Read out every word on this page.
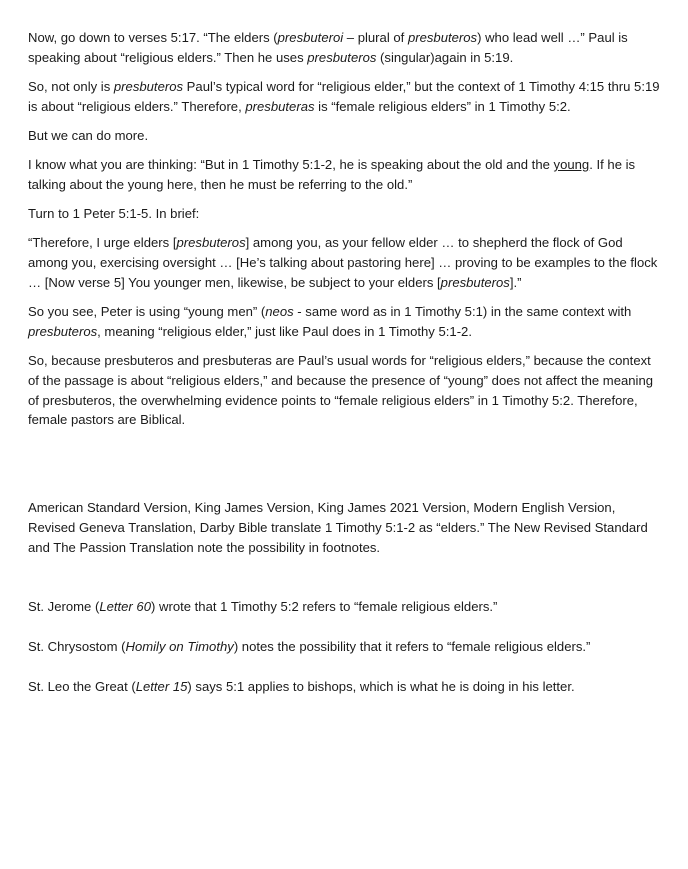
Now, go down to verses 5:17. “The elders (presbuteroi – plural of presbuteros) who lead well …” Paul is speaking about “religious elders.” Then he uses presbuteros (singular)again in 5:19.

So, not only is presbuteros Paul’s typical word for “religious elder,” but the context of 1 Timothy 4:15 thru 5:19 is about “religious elders.” Therefore, presbuteras is “female religious elders” in 1 Timothy 5:2.

But we can do more.

I know what you are thinking: “But in 1 Timothy 5:1-2, he is speaking about the old and the young. If he is talking about the young here, then he must be referring to the old.”

Turn to 1 Peter 5:1-5. In brief:

“Therefore, I urge elders [presbuteros] among you, as your fellow elder … to shepherd the flock of God among you, exercising oversight … [He’s talking about pastoring here] … proving to be examples to the flock … [Now verse 5] You younger men, likewise, be subject to your elders [presbuteros].”

So you see, Peter is using “young men” (neos - same word as in 1 Timothy 5:1) in the same context with presbuteros, meaning “religious elder,” just like Paul does in 1 Timothy 5:1-2.

So, because presbuteros and presbuteras are Paul’s usual words for “religious elders,” because the context of the passage is about “religious elders,” and because the presence of “young” does not affect the meaning of presbuteros, the overwhelming evidence points to “female religious elders” in 1 Timothy 5:2. Therefore, female pastors are Biblical.

American Standard Version, King James Version, King James 2021 Version, Modern English Version, Revised Geneva Translation, Darby Bible translate 1 Timothy 5:1-2 as “elders.” The New Revised Standard and The Passion Translation note the possibility in footnotes.

St. Jerome (Letter 60) wrote that 1 Timothy 5:2 refers to “female religious elders.”

St. Chrysostom (Homily on Timothy) notes the possibility that it refers to “female religious elders.”

St. Leo the Great (Letter 15) says 5:1 applies to bishops, which is what he is doing in his letter.
